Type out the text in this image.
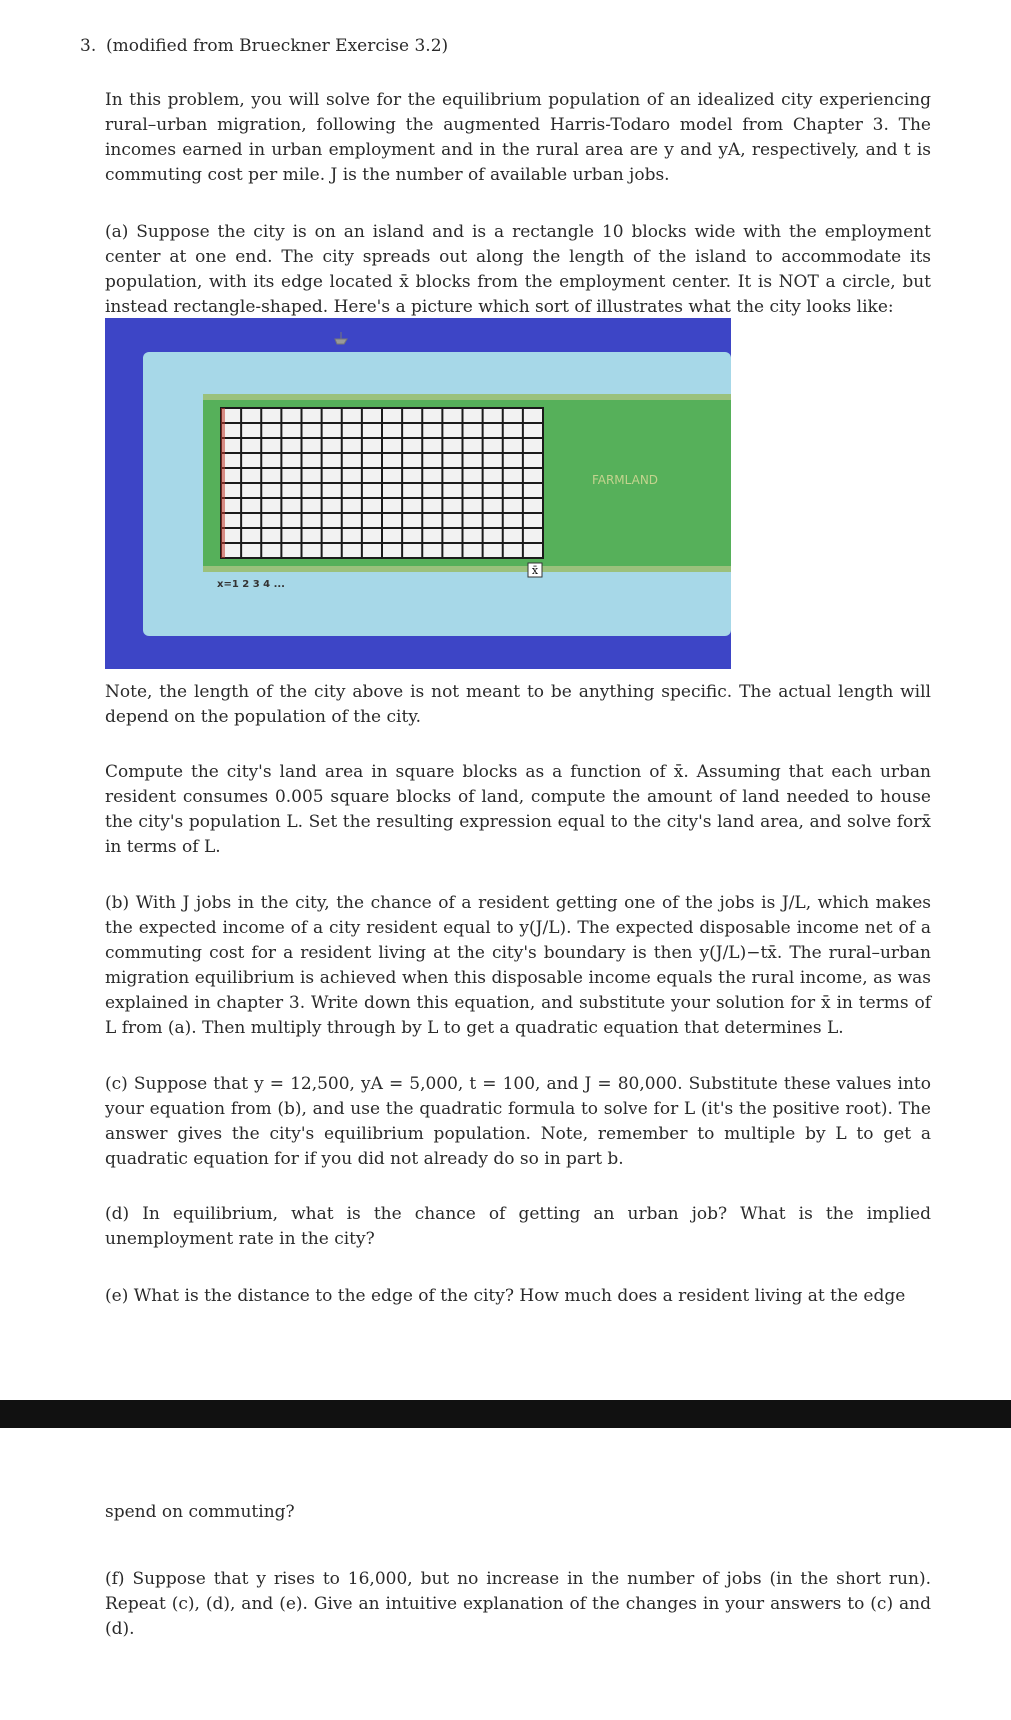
3. (modified from Brueckner Exercise 3.2)

In this problem, you will solve for the equilibrium population of an idealized city experiencing rural–urban migration, following the augmented Harris-Todaro model from Chapter 3. The incomes earned in urban employment and in the rural area are y and yA, respectively, and t is commuting cost per mile. J is the number of available urban jobs.

(a) Suppose the city is on an island and is a rectangle 10 blocks wide with the employment center at one end. The city spreads out along the length of the island to accommodate its population, with its edge located x̄ blocks from the employment center. It is NOT a circle, but instead rectangle-shaped. Here's a picture which sort of illustrates what the city looks like:

x̄
x=1 2 3 4 ...
FARMLAND

Note, the length of the city above is not meant to be anything specific. The actual length will depend on the population of the city.

Compute the city's land area in square blocks as a function of x̄. Assuming that each urban resident consumes 0.005 square blocks of land, compute the amount of land needed to house the city's population L. Set the resulting expression equal to the city's land area, and solve forx̄ in terms of L.

(b) With J jobs in the city, the chance of a resident getting one of the jobs is J/L, which makes the expected income of a city resident equal to y(J/L). The expected disposable income net of a commuting cost for a resident living at the city's boundary is then y(J/L)−tx̄. The rural–urban migration equilibrium is achieved when this disposable income equals the rural income, as was explained in chapter 3. Write down this equation, and substitute your solution for x̄ in terms of L from (a). Then multiply through by L to get a quadratic equation that determines L.

(c) Suppose that y = 12,500, yA = 5,000, t = 100, and J = 80,000. Substitute these values into your equation from (b), and use the quadratic formula to solve for L (it's the positive root). The answer gives the city's equilibrium population. Note, remember to multiple by L to get a quadratic equation for if you did not already do so in part b.

(d) In equilibrium, what is the chance of getting an urban job? What is the implied unemployment rate in the city?

(e) What is the distance to the edge of the city? How much does a resident living at the edge

spend on commuting?

(f) Suppose that y rises to 16,000, but no increase in the number of jobs (in the short run). Repeat (c), (d), and (e). Give an intuitive explanation of the changes in your answers to (c) and (d).
